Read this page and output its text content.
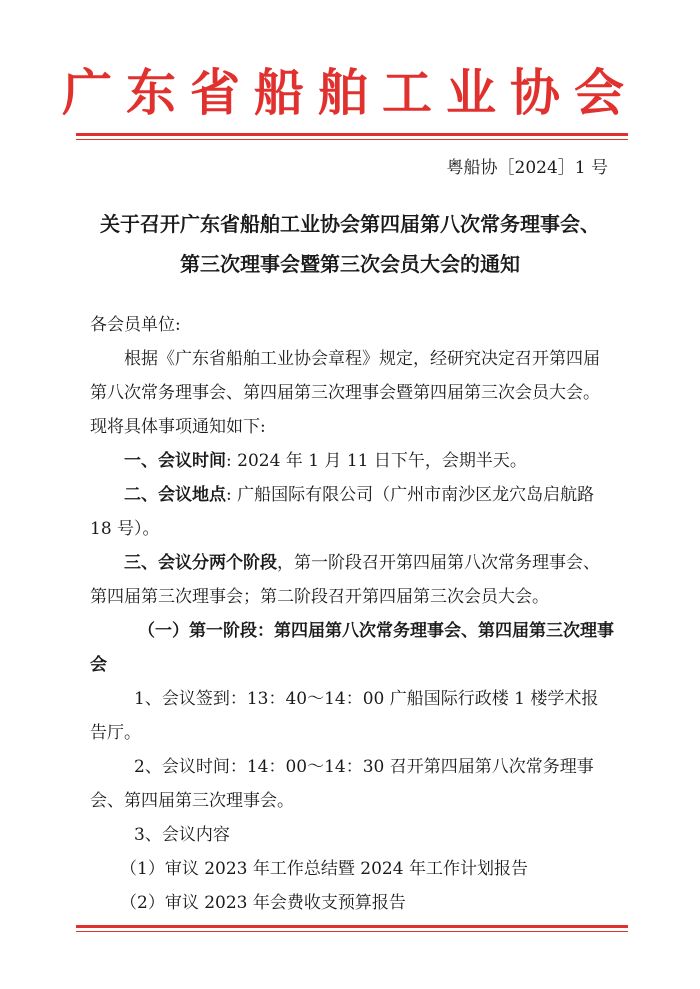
广东省船舶工业协会
粤船协［2024］1 号
关于召开广东省船舶工业协会第四届第八次常务理事会、
第三次理事会暨第三次会员大会的通知

各会员单位:

根据《广东省船舶工业协会章程》规定，经研究决定召开第四届第八次常务理事会、第四届第三次理事会暨第四届第三次会员大会。现将具体事项通知如下:

一、会议时间: 2024 年 1 月 11 日下午，会期半天。

二、会议地点: 广船国际有限公司（广州市南沙区龙穴岛启航路 18 号）。

三、会议分两个阶段，第一阶段召开第四届第八次常务理事会、第四届第三次理事会；第二阶段召开第四届第三次会员大会。

（一）第一阶段：第四届第八次常务理事会、第四届第三次理事会

1、会议签到：13：40～14：00 广船国际行政楼 1 楼学术报告厅。

2、会议时间：14：00～14：30 召开第四届第八次常务理事会、第四届第三次理事会。

3、会议内容

（1）审议 2023 年工作总结暨 2024 年工作计划报告

（2）审议 2023 年会费收支预算报告
